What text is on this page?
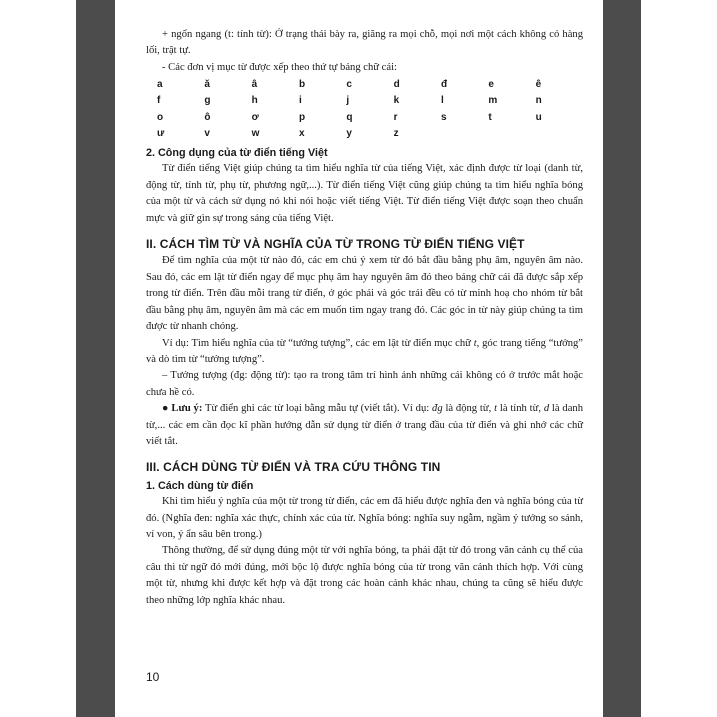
+ ngổn ngang (t: tính từ): Ở trạng thái bày ra, giăng ra mọi chỗ, mọi nơi một cách không có hàng lối, trật tự.

- Các đơn vị mục từ được xếp theo thứ tự bảng chữ cái:

a	ă	â	b	c	d	đ	e	ê
f	g	h	i	j	k	l	m	n
o	ô	ơ	p	q	r	s	t	u
ư	v	w	x	y	z

2. Công dụng của từ điển tiếng Việt

Từ điển tiếng Việt giúp chúng ta tìm hiểu nghĩa từ của tiếng Việt, xác định được từ loại (danh từ, động từ, tính từ, phụ từ, phương ngữ,...). Từ điển tiếng Việt cũng giúp chúng ta tìm hiểu nghĩa bóng của một từ và cách sử dụng nó khi nói hoặc viết tiếng Việt. Từ điển tiếng Việt được soạn theo chuẩn mực và giữ gìn sự trong sáng của tiếng Việt.

II. CÁCH TÌM TỪ VÀ NGHĨA CỦA TỪ TRONG TỪ ĐIỂN TIẾNG VIỆT

Để tìm nghĩa của một từ nào đó, các em chú ý xem từ đó bắt đầu bằng phụ âm, nguyên âm nào. Sau đó, các em lật từ điển ngay để mục phụ âm hay nguyên âm đó theo bảng chữ cái đã được sắp xếp trong từ điển. Trên đầu mỗi trang từ điển, ở góc phải và góc trái đều có từ minh hoạ cho nhóm từ bắt đầu bằng phụ âm, nguyên âm mà các em muốn tìm ngay trang đó. Các góc in từ này giúp chúng ta tìm được từ nhanh chóng.

Ví dụ: Tìm hiểu nghĩa của từ “tưởng tượng”, các em lật từ điển mục chữ t, góc trang tiếng “tưởng” và dò tìm từ “tưởng tượng”.

– Tưởng tượng (đg: động từ): tạo ra trong tâm trí hình ảnh những cái không có ở trước mắt hoặc chưa hề có.

● Lưu ý: Từ điển ghi các từ loại bằng mẫu tự (viết tắt). Ví dụ: đg là động từ, t là tính từ, d là danh từ,... các em cần đọc kĩ phần hướng dẫn sử dụng từ điển ở trang đầu của từ điển và ghi nhớ các chữ viết tắt.

III. CÁCH DÙNG TỪ ĐIỂN VÀ TRA CỨU THÔNG TIN

1. Cách dùng từ điển

Khi tìm hiểu ý nghĩa của một từ trong từ điển, các em đã hiểu được nghĩa đen và nghĩa bóng của từ đó. (Nghĩa đen: nghĩa xác thực, chính xác của từ. Nghĩa bóng: nghĩa suy ngẫm, ngầm ý tưởng so sánh, ví von, ý ẩn sâu bên trong.)

Thông thường, để sử dụng đúng một từ với nghĩa bóng, ta phải đặt từ đó trong văn cảnh cụ thể của câu thì từ ngữ đó mới đúng, mới bộc lộ được nghĩa bóng của từ trong văn cảnh thích hợp. Với cùng một từ, nhưng khi được kết hợp và đặt trong các hoàn cảnh khác nhau, chúng ta cũng sẽ hiểu được theo những lớp nghĩa khác nhau.

10
